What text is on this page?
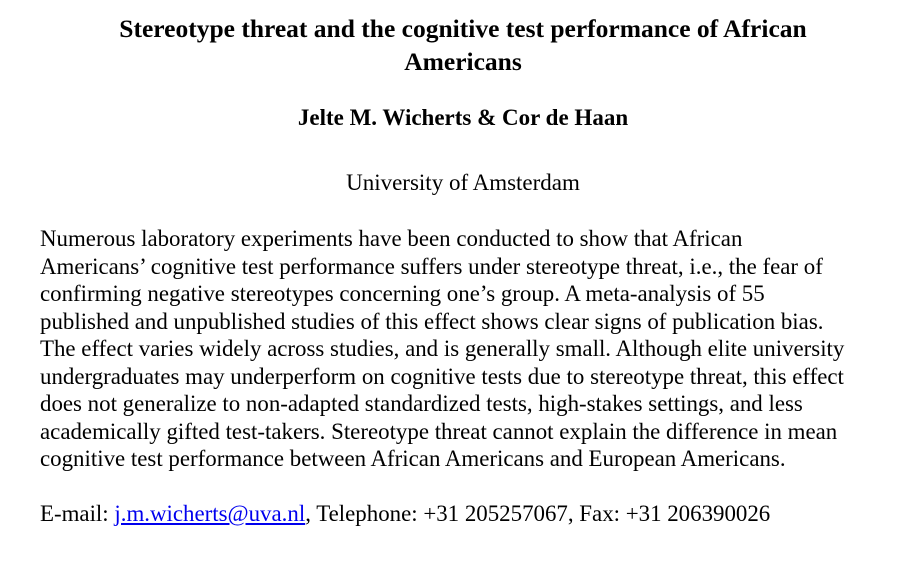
Stereotype threat and the cognitive test performance of African
Americans

Jelte M. Wicherts & Cor de Haan

University of Amsterdam

Numerous laboratory experiments have been conducted to show that African
Americans’ cognitive test performance suffers under stereotype threat, i.e., the fear of
confirming negative stereotypes concerning one’s group. A meta-analysis of 55
published and unpublished studies of this effect shows clear signs of publication bias.
The effect varies widely across studies, and is generally small. Although elite university
undergraduates may underperform on cognitive tests due to stereotype threat, this effect
does not generalize to non-adapted standardized tests, high-stakes settings, and less
academically gifted test-takers. Stereotype threat cannot explain the difference in mean
cognitive test performance between African Americans and European Americans.

E-mail: j.m.wicherts@uva.nl, Telephone: +31 205257067, Fax: +31 206390026
